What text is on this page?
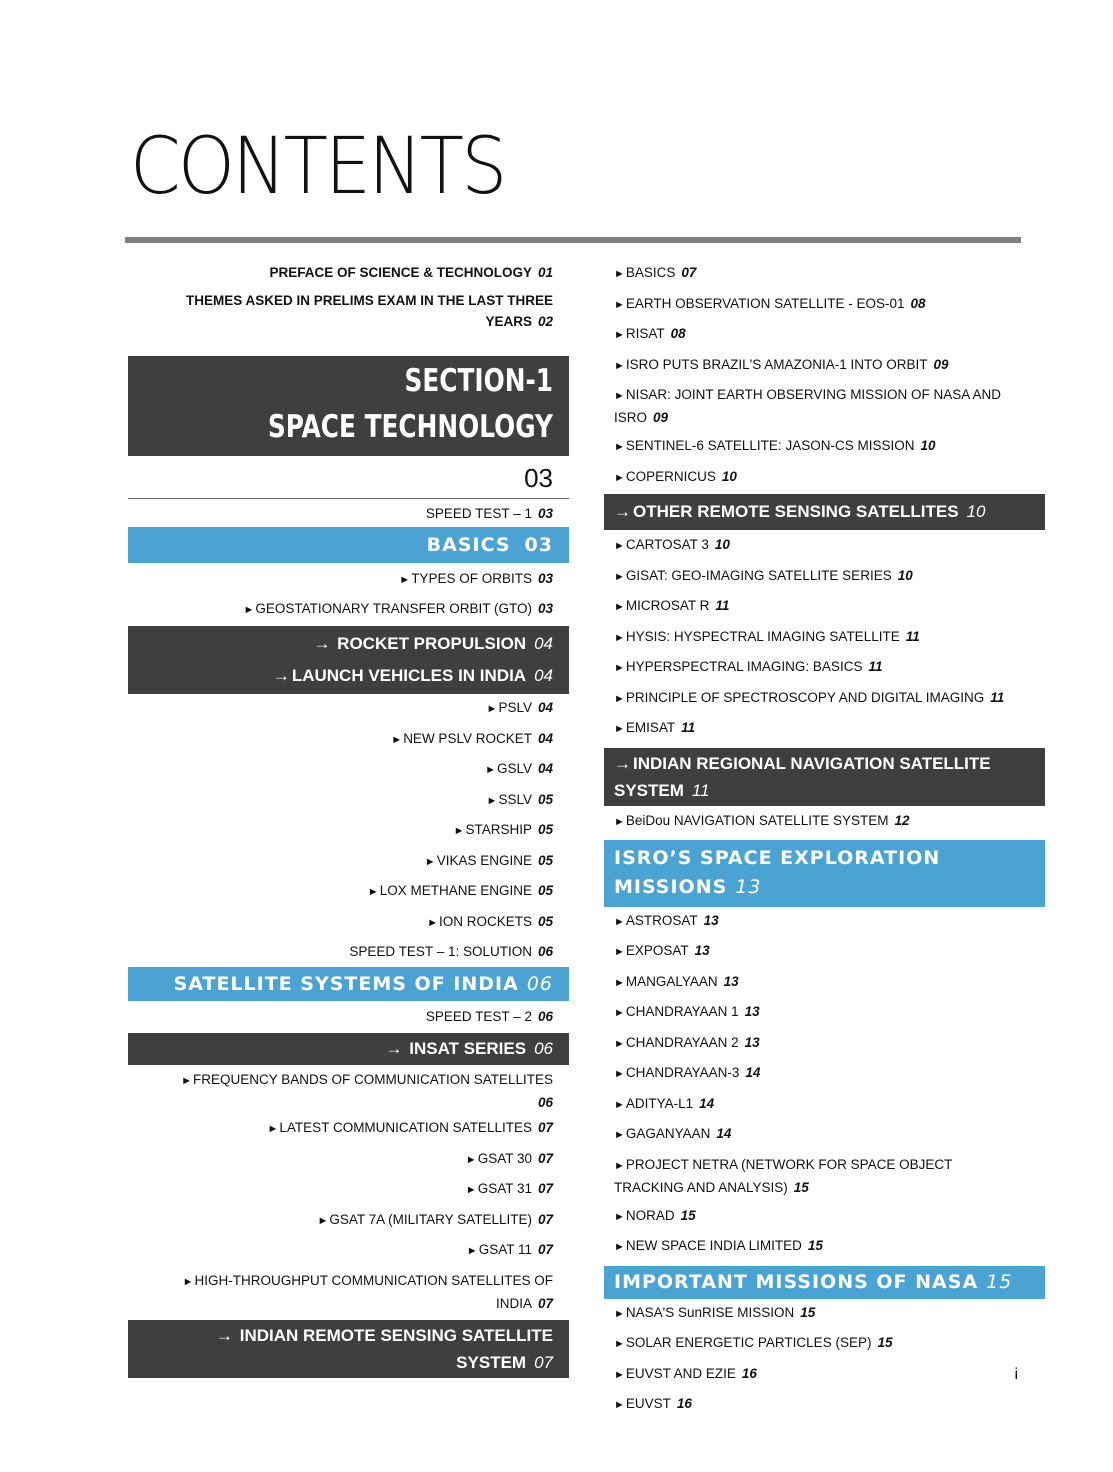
CONTENTS
PREFACE OF SCIENCE & TECHNOLOGY 01
THEMES ASKED IN PRELIMS EXAM IN THE LAST THREE
YEARS 02
SECTION-1
SPACE TECHNOLOGY
03
SPEED TEST – 1 03
BASICS 03
►TYPES OF ORBITS 03
►GEOSTATIONARY TRANSFER ORBIT (GTO) 03
→ ROCKET PROPULSION 04
→ LAUNCH VEHICLES IN INDIA 04
►PSLV 04
►NEW PSLV ROCKET 04
►GSLV 04
►SSLV 05
►STARSHIP 05
►VIKAS ENGINE 05
►LOX METHANE ENGINE 05
►ION ROCKETS 05
SPEED TEST – 1: SOLUTION 06
SATELLITE SYSTEMS OF INDIA 06
SPEED TEST – 2 06
→ INSAT SERIES 06
►FREQUENCY BANDS OF COMMUNICATION SATELLITES
06
►LATEST COMMUNICATION SATELLITES 07
►GSAT 30 07
►GSAT 31 07
►GSAT 7A (MILITARY SATELLITE) 07
►GSAT 11 07
►HIGH-THROUGHPUT COMMUNICATION SATELLITES OF
INDIA 07
→ INDIAN REMOTE SENSING SATELLITE
SYSTEM 07
►BASICS 07
►EARTH OBSERVATION SATELLITE - EOS-01 08
►RISAT 08
►ISRO PUTS BRAZIL'S AMAZONIA-1 INTO ORBIT 09
►NISAR: JOINT EARTH OBSERVING MISSION OF NASA AND
ISRO 09
►SENTINEL-6 SATELLITE: JASON-CS MISSION 10
►COPERNICUS 10
→ OTHER REMOTE SENSING SATELLITES 10
►CARTOSAT 3 10
►GISAT: GEO-IMAGING SATELLITE SERIES 10
►MICROSAT R 11
►HYSIS: HYSPECTRAL IMAGING SATELLITE 11
►HYPERSPECTRAL IMAGING: BASICS 11
►PRINCIPLE OF SPECTROSCOPY AND DIGITAL IMAGING 11
►EMISAT 11
→ INDIAN REGIONAL NAVIGATION SATELLITE
SYSTEM 11
►BeiDou NAVIGATION SATELLITE SYSTEM 12
ISRO’S SPACE EXPLORATION
MISSIONS 13
►ASTROSAT 13
►EXPOSAT 13
►MANGALYAAN 13
►CHANDRAYAAN 1 13
►CHANDRAYAAN 2 13
►CHANDRAYAAN-3 14
►ADITYA-L1 14
►GAGANYAAN 14
►PROJECT NETRA (NETWORK FOR SPACE OBJECT
TRACKING AND ANALYSIS) 15
►NORAD 15
►NEW SPACE INDIA LIMITED 15
IMPORTANT MISSIONS OF NASA 15
►NASA'S SunRISE MISSION 15
►SOLAR ENERGETIC PARTICLES (SEP) 15
►EUVST AND EZIE 16
►EUVST 16
i
